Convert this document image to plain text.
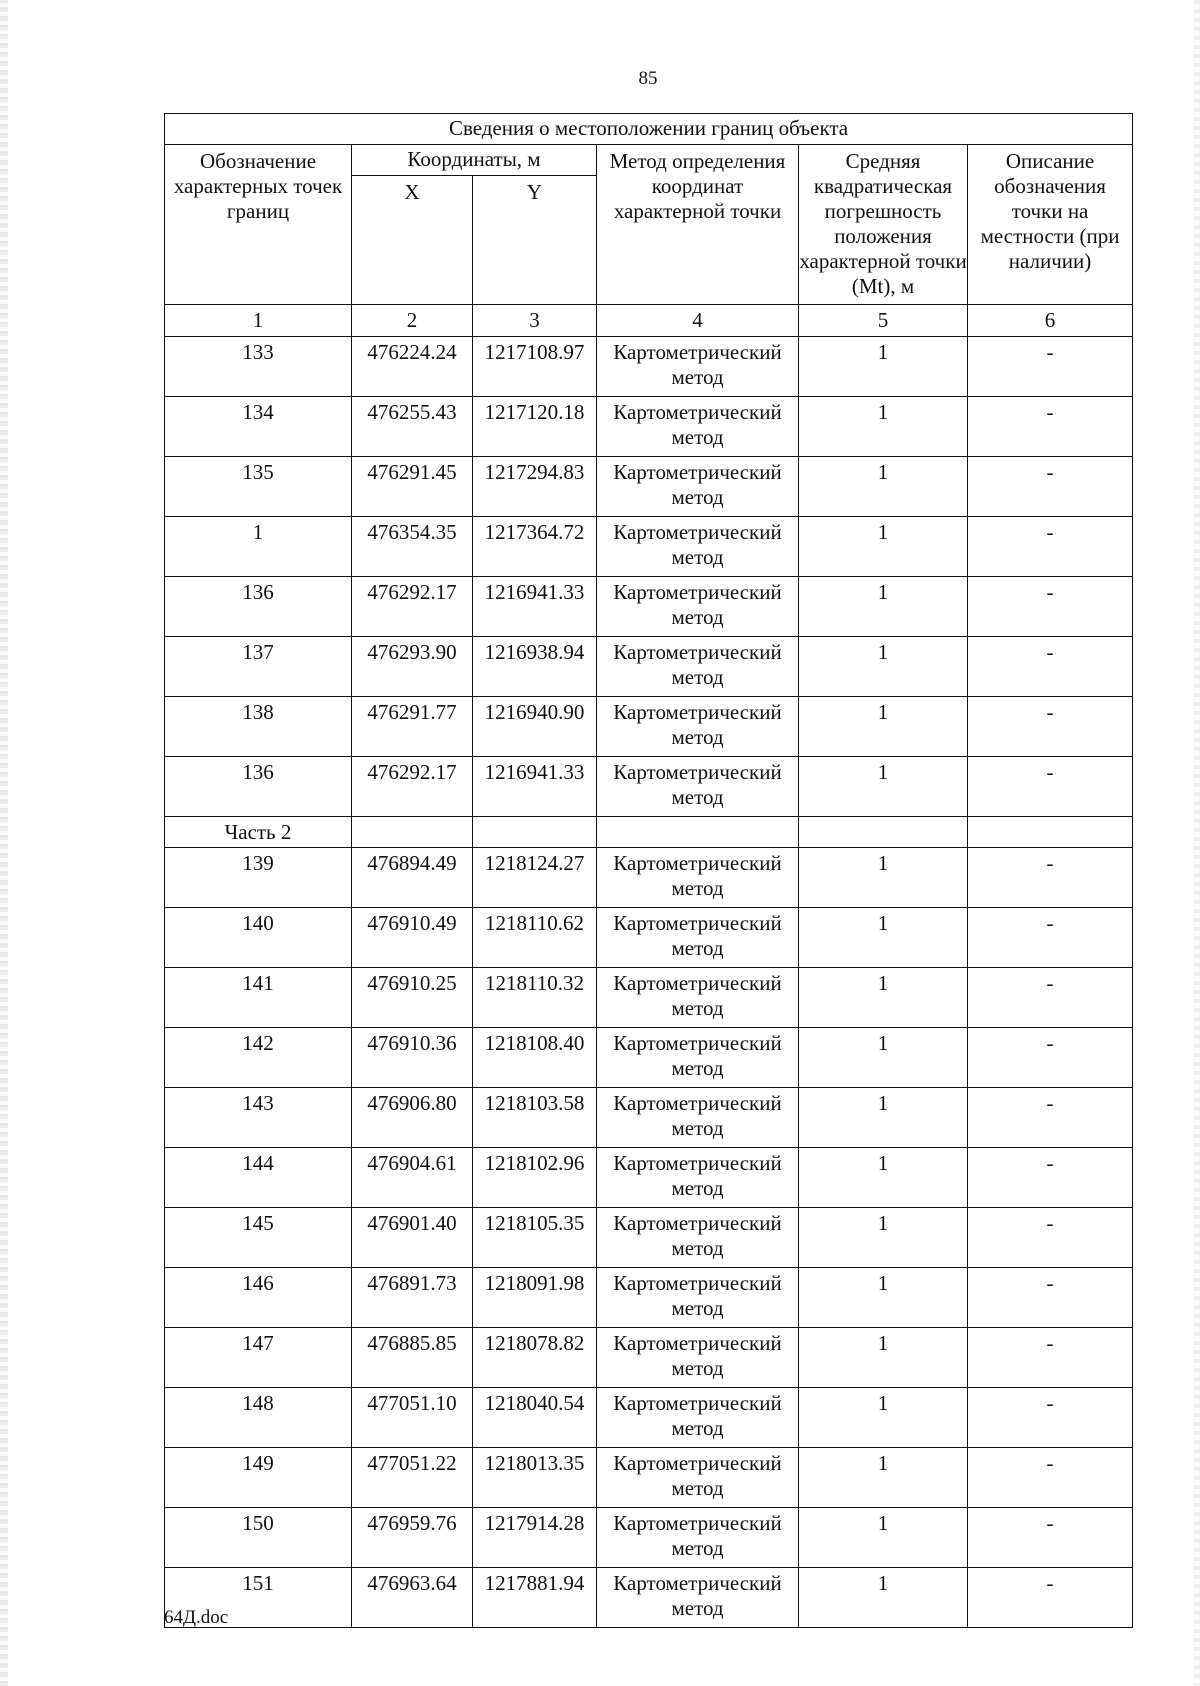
85
Сведения о местоположении границ объекта					
Обозначение характерных точек границ	Координаты, м		Метод определения координат характерной точки	Средняя квадратическая погрешность положения характерной точки (Mt), м	Описание обозначения точки на местности (при наличии)
	X	Y			
1	2	3	4	5	6
133	476224.24	1217108.97	Картометрический метод	1	-
134	476255.43	1217120.18	Картометрический метод	1	-
135	476291.45	1217294.83	Картометрический метод	1	-
1	476354.35	1217364.72	Картометрический метод	1	-
136	476292.17	1216941.33	Картометрический метод	1	-
137	476293.90	1216938.94	Картометрический метод	1	-
138	476291.77	1216940.90	Картометрический метод	1	-
136	476292.17	1216941.33	Картометрический метод	1	-
Часть 2					
139	476894.49	1218124.27	Картометрический метод	1	-
140	476910.49	1218110.62	Картометрический метод	1	-
141	476910.25	1218110.32	Картометрический метод	1	-
142	476910.36	1218108.40	Картометрический метод	1	-
143	476906.80	1218103.58	Картометрический метод	1	-
144	476904.61	1218102.96	Картометрический метод	1	-
145	476901.40	1218105.35	Картометрический метод	1	-
146	476891.73	1218091.98	Картометрический метод	1	-
147	476885.85	1218078.82	Картометрический метод	1	-
148	477051.10	1218040.54	Картометрический метод	1	-
149	477051.22	1218013.35	Картометрический метод	1	-
150	476959.76	1217914.28	Картометрический метод	1	-
151	476963.64	1217881.94	Картометрический метод	1	-
64Д.doc
